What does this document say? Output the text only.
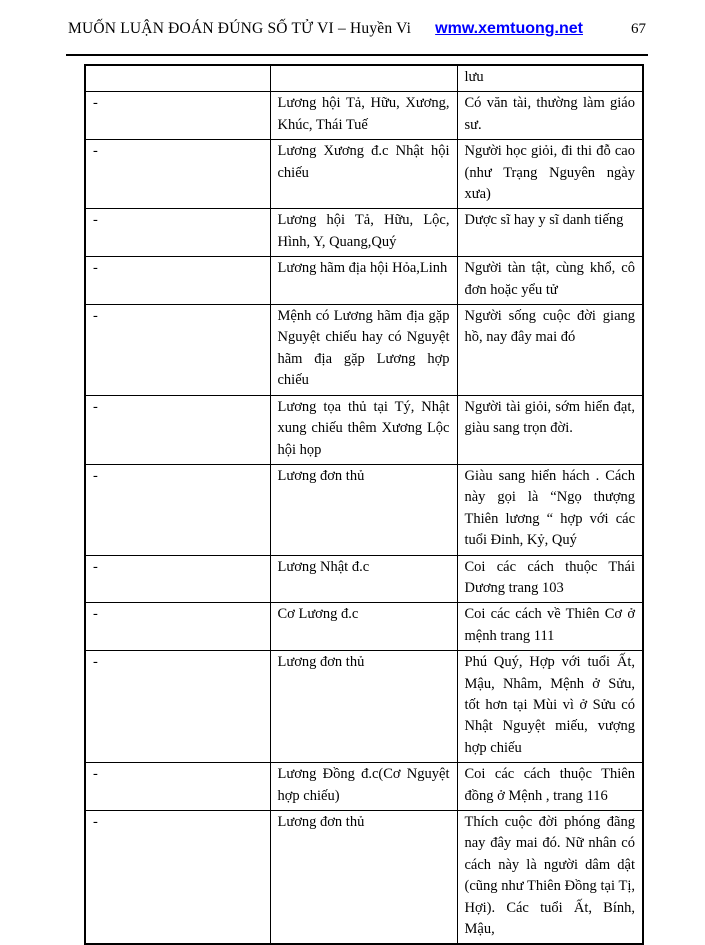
MUỐN LUẬN ĐOÁN ĐÚNG SỐ TỬ VI – Huyền Vi	wmw.xemtuong.net	67
		lưu
-	Lương hội Tả, Hữu, Xương, Khúc, Thái Tuế	Có văn tài, thường làm giáo sư.
-	Lương Xương đ.c Nhật hội chiếu	Người học giỏi, đi thi đỗ cao (như Trạng Nguyên ngày xưa)
-	Lương hội Tả, Hữu, Lộc, Hình, Y, Quang,Quý	Dược sĩ hay y sĩ danh tiếng
-	Lương hãm địa hội Hỏa,Linh	Người tàn tật, cùng khổ, cô đơn hoặc yểu tử
-	Mệnh có Lương hãm địa gặp Nguyệt chiếu hay có Nguyệt hãm địa gặp Lương hợp chiếu	Người sống cuộc đời giang hồ, nay đây mai đó
-	Lương tọa thủ tại Tý, Nhật xung chiếu thêm Xương Lộc hội họp	Người tài giỏi, sớm hiển đạt, giàu sang trọn đời.
-	Lương đơn thủ	Giàu sang hiển hách . Cách này gọi là “Ngọ thượng Thiên lương “ hợp với các tuổi Đinh, Kỷ, Quý
-	Lương Nhật đ.c	Coi các cách thuộc Thái Dương trang 103
-	Cơ Lương đ.c	Coi các cách về Thiên Cơ ở mệnh trang 111
-	Lương đơn thủ	Phú Quý, Hợp với tuổi Ất, Mậu, Nhâm, Mệnh ở Sửu, tốt hơn tại Mùi vì ở Sửu có Nhật Nguyệt miếu, vượng hợp chiếu
-	Lương Đồng đ.c(Cơ Nguyệt hợp chiếu)	Coi các cách thuộc Thiên đồng ở Mệnh , trang 116
-	Lương đơn thủ	Thích cuộc đời phóng đãng nay đây mai đó. Nữ nhân có cách này là người dâm dật (cũng như Thiên Đồng tại Tị, Hợi). Các tuổi Ất, Bính, Mậu,
